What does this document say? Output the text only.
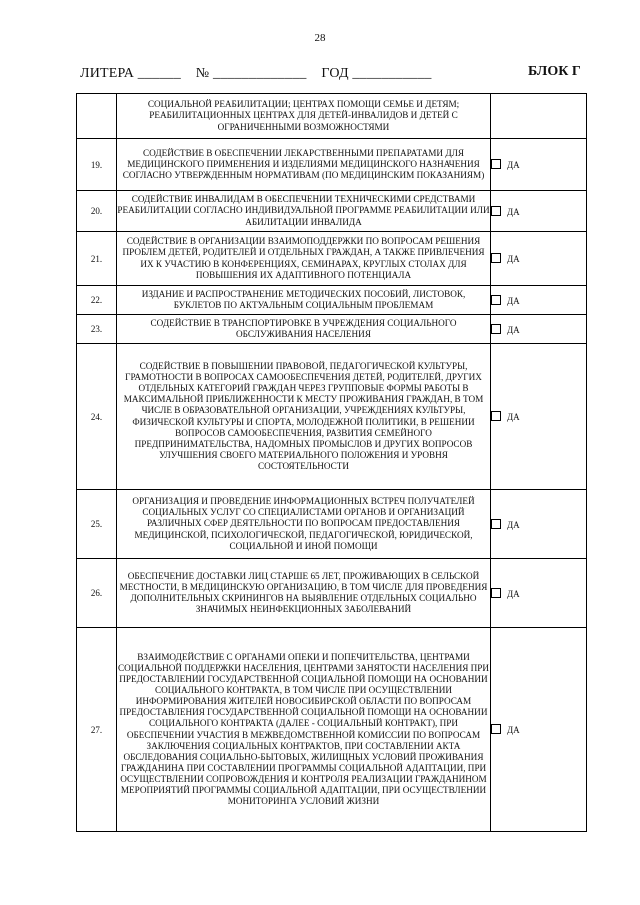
28
ЛИТЕРА ______ № _____________ ГОД ___________	БЛОК Г
	СОЦИАЛЬНОЙ РЕАБИЛИТАЦИИ; ЦЕНТРАХ ПОМОЩИ СЕМЬЕ И ДЕТЯМ; РЕАБИЛИТАЦИОННЫХ ЦЕНТРАХ ДЛЯ ДЕТЕЙ-ИНВАЛИДОВ И ДЕТЕЙ С ОГРАНИЧЕННЫМИ ВОЗМОЖНОСТЯМИ	
19.	СОДЕЙСТВИЕ В ОБЕСПЕЧЕНИИ ЛЕКАРСТВЕННЫМИ ПРЕПАРАТАМИ ДЛЯ МЕДИЦИНСКОГО ПРИМЕНЕНИЯ И ИЗДЕЛИЯМИ МЕДИЦИНСКОГО НАЗНАЧЕНИЯ СОГЛАСНО УТВЕРЖДЕННЫМ НОРМАТИВАМ (ПО МЕДИЦИНСКИМ ПОКАЗАНИЯМ)	ДА
20.	СОДЕЙСТВИЕ ИНВАЛИДАМ В ОБЕСПЕЧЕНИИ ТЕХНИЧЕСКИМИ СРЕДСТВАМИ РЕАБИЛИТАЦИИ СОГЛАСНО ИНДИВИДУАЛЬНОЙ ПРОГРАММЕ РЕАБИЛИТАЦИИ ИЛИ АБИЛИТАЦИИ ИНВАЛИДА	ДА
21.	СОДЕЙСТВИЕ В ОРГАНИЗАЦИИ ВЗАИМОПОДДЕРЖКИ ПО ВОПРОСАМ РЕШЕНИЯ ПРОБЛЕМ ДЕТЕЙ, РОДИТЕЛЕЙ И ОТДЕЛЬНЫХ ГРАЖДАН, А ТАКЖЕ ПРИВЛЕЧЕНИЯ ИХ К УЧАСТИЮ В КОНФЕРЕНЦИЯХ, СЕМИНАРАХ, КРУГЛЫХ СТОЛАХ ДЛЯ ПОВЫШЕНИЯ ИХ АДАПТИВНОГО ПОТЕНЦИАЛА	ДА
22.	ИЗДАНИЕ И РАСПРОСТРАНЕНИЕ МЕТОДИЧЕСКИХ ПОСОБИЙ, ЛИСТОВОК, БУКЛЕТОВ ПО АКТУАЛЬНЫМ СОЦИАЛЬНЫМ ПРОБЛЕМАМ	ДА
23.	СОДЕЙСТВИЕ В ТРАНСПОРТИРОВКЕ В УЧРЕЖДЕНИЯ СОЦИАЛЬНОГО ОБСЛУЖИВАНИЯ НАСЕЛЕНИЯ	ДА
24.	СОДЕЙСТВИЕ В ПОВЫШЕНИИ ПРАВОВОЙ, ПЕДАГОГИЧЕСКОЙ КУЛЬТУРЫ, ГРАМОТНОСТИ В ВОПРОСАХ САМООБЕСПЕЧЕНИЯ ДЕТЕЙ, РОДИТЕЛЕЙ, ДРУГИХ ОТДЕЛЬНЫХ КАТЕГОРИЙ ГРАЖДАН ЧЕРЕЗ ГРУППОВЫЕ ФОРМЫ РАБОТЫ В МАКСИМАЛЬНОЙ ПРИБЛИЖЕННОСТИ К МЕСТУ ПРОЖИВАНИЯ ГРАЖДАН, В ТОМ ЧИСЛЕ В ОБРАЗОВАТЕЛЬНОЙ ОРГАНИЗАЦИИ, УЧРЕЖДЕНИЯХ КУЛЬТУРЫ, ФИЗИЧЕСКОЙ КУЛЬТУРЫ И СПОРТА, МОЛОДЕЖНОЙ ПОЛИТИКИ, В РЕШЕНИИ ВОПРОСОВ САМООБЕСПЕЧЕНИЯ, РАЗВИТИЯ СЕМЕЙНОГО ПРЕДПРИНИМАТЕЛЬСТВА, НАДОМНЫХ ПРОМЫСЛОВ И ДРУГИХ ВОПРОСОВ УЛУЧШЕНИЯ СВОЕГО МАТЕРИАЛЬНОГО ПОЛОЖЕНИЯ И УРОВНЯ СОСТОЯТЕЛЬНОСТИ	ДА
25.	ОРГАНИЗАЦИЯ И ПРОВЕДЕНИЕ ИНФОРМАЦИОННЫХ ВСТРЕЧ ПОЛУЧАТЕЛЕЙ СОЦИАЛЬНЫХ УСЛУГ СО СПЕЦИАЛИСТАМИ ОРГАНОВ И ОРГАНИЗАЦИЙ РАЗЛИЧНЫХ СФЕР ДЕЯТЕЛЬНОСТИ ПО ВОПРОСАМ ПРЕДОСТАВЛЕНИЯ МЕДИЦИНСКОЙ, ПСИХОЛОГИЧЕСКОЙ, ПЕДАГОГИЧЕСКОЙ, ЮРИДИЧЕСКОЙ, СОЦИАЛЬНОЙ И ИНОЙ ПОМОЩИ	ДА
26.	ОБЕСПЕЧЕНИЕ ДОСТАВКИ ЛИЦ СТАРШЕ 65 ЛЕТ, ПРОЖИВАЮЩИХ В СЕЛЬСКОЙ МЕСТНОСТИ, В МЕДИЦИНСКУЮ ОРГАНИЗАЦИЮ, В ТОМ ЧИСЛЕ ДЛЯ ПРОВЕДЕНИЯ ДОПОЛНИТЕЛЬНЫХ СКРИНИНГОВ НА ВЫЯВЛЕНИЕ ОТДЕЛЬНЫХ СОЦИАЛЬНО ЗНАЧИМЫХ НЕИНФЕКЦИОННЫХ ЗАБОЛЕВАНИЙ	ДА
27.	ВЗАИМОДЕЙСТВИЕ С ОРГАНАМИ ОПЕКИ И ПОПЕЧИТЕЛЬСТВА, ЦЕНТРАМИ СОЦИАЛЬНОЙ ПОДДЕРЖКИ НАСЕЛЕНИЯ, ЦЕНТРАМИ ЗАНЯТОСТИ НАСЕЛЕНИЯ ПРИ ПРЕДОСТАВЛЕНИИ ГОСУДАРСТВЕННОЙ СОЦИАЛЬНОЙ ПОМОЩИ НА ОСНОВАНИИ СОЦИАЛЬНОГО КОНТРАКТА, В ТОМ ЧИСЛЕ ПРИ ОСУЩЕСТВЛЕНИИ ИНФОРМИРОВАНИЯ ЖИТЕЛЕЙ НОВОСИБИРСКОЙ ОБЛАСТИ ПО ВОПРОСАМ ПРЕДОСТАВЛЕНИЯ ГОСУДАРСТВЕННОЙ СОЦИАЛЬНОЙ ПОМОЩИ НА ОСНОВАНИИ СОЦИАЛЬНОГО КОНТРАКТА (ДАЛЕЕ - СОЦИАЛЬНЫЙ КОНТРАКТ), ПРИ ОБЕСПЕЧЕНИИ УЧАСТИЯ В МЕЖВЕДОМСТВЕННОЙ КОМИССИИ ПО ВОПРОСАМ ЗАКЛЮЧЕНИЯ СОЦИАЛЬНЫХ КОНТРАКТОВ, ПРИ СОСТАВЛЕНИИ АКТА ОБСЛЕДОВАНИЯ СОЦИАЛЬНО-БЫТОВЫХ, ЖИЛИЩНЫХ УСЛОВИЙ ПРОЖИВАНИЯ ГРАЖДАНИНА ПРИ СОСТАВЛЕНИИ ПРОГРАММЫ СОЦИАЛЬНОЙ АДАПТАЦИИ, ПРИ ОСУЩЕСТВЛЕНИИ СОПРОВОЖДЕНИЯ И КОНТРОЛЯ РЕАЛИЗАЦИИ ГРАЖДАНИНОМ МЕРОПРИЯТИЙ ПРОГРАММЫ СОЦИАЛЬНОЙ АДАПТАЦИИ, ПРИ ОСУЩЕСТВЛЕНИИ МОНИТОРИНГА УСЛОВИЙ ЖИЗНИ	ДА
